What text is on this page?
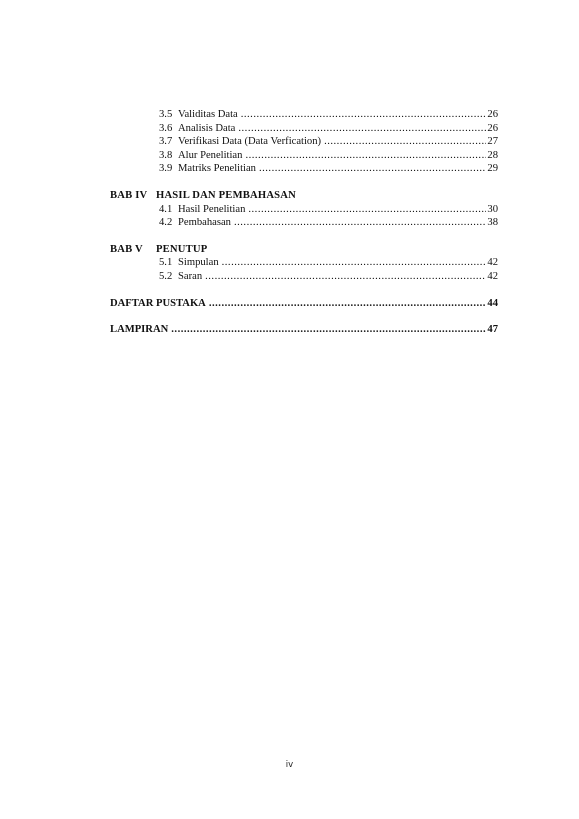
3.5 Validitas Data .....	26
3.6 Analisis Data .....	26
3.7 Verifikasi Data (Data Verfication) .....	27
3.8 Alur Penelitian .....	28
3.9 Matriks Penelitian .....	29
BAB IV HASIL DAN PEMBAHASAN
4.1 Hasil Penelitian .....	30
4.2 Pembahasan .....	38
BAB V PENUTUP
5.1 Simpulan .....	42
5.2 Saran .....	42
DAFTAR PUSTAKA .....	44
LAMPIRAN .....	47
iv
